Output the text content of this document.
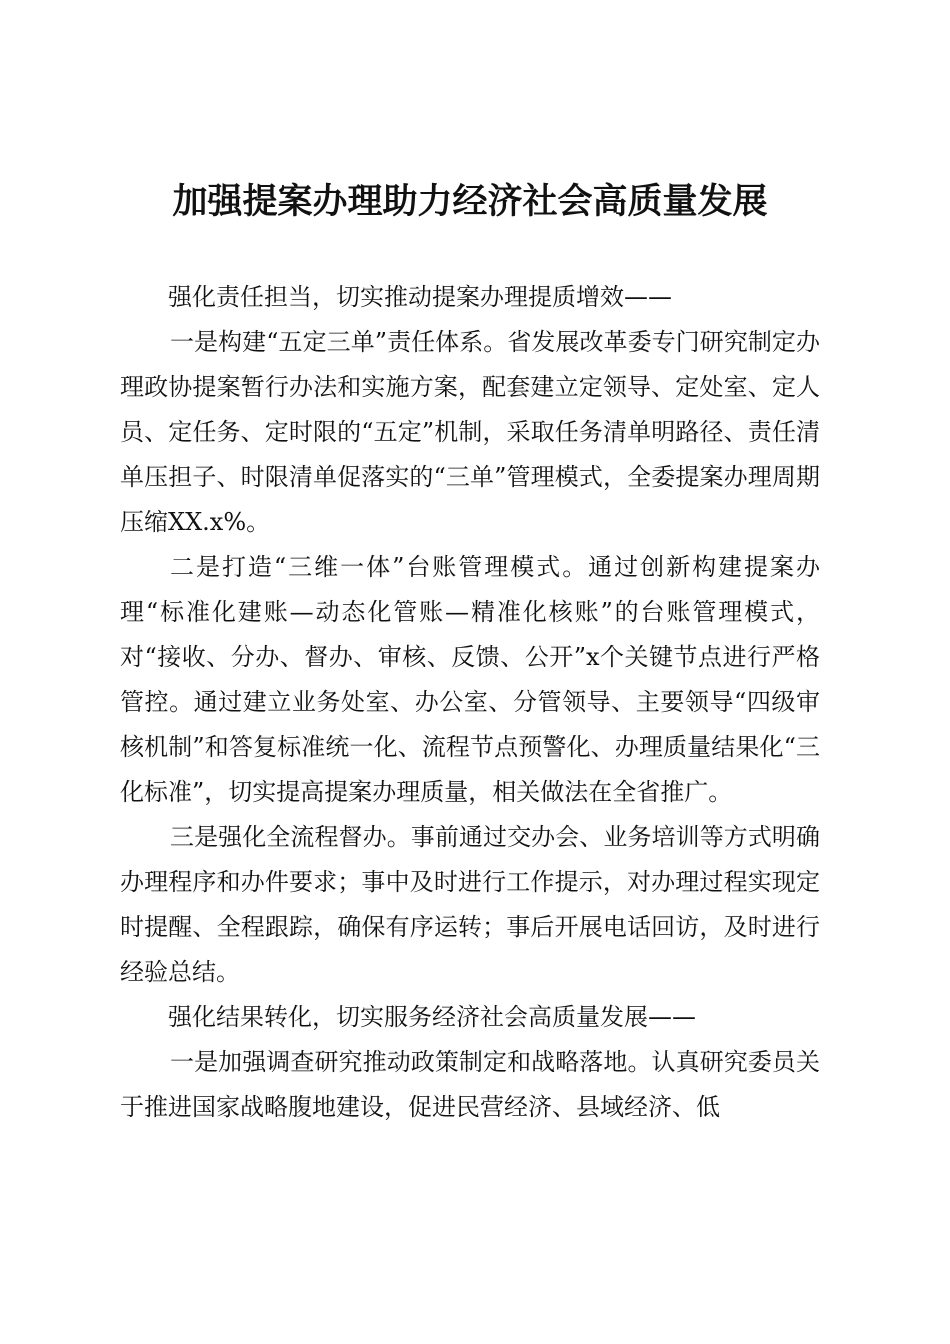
加强提案办理助力经济社会高质量发展

强化责任担当，切实推动提案办理提质增效——

一是构建“五定三单”责任体系。省发展改革委专门研究制定办理政协提案暂行办法和实施方案，配套建立定领导、定处室、定人员、定任务、定时限的“五定”机制，采取任务清单明路径、责任清单压担子、时限清单促落实的“三单”管理模式，全委提案办理周期压缩XX.x%。

二是打造“三维一体”台账管理模式。通过创新构建提案办理“标准化建账—动态化管账—精准化核账”的台账管理模式，对“接收、分办、督办、审核、反馈、公开”x个关键节点进行严格管控。通过建立业务处室、办公室、分管领导、主要领导“四级审核机制”和答复标准统一化、流程节点预警化、办理质量结果化“三化标准”，切实提高提案办理质量，相关做法在全省推广。

三是强化全流程督办。事前通过交办会、业务培训等方式明确办理程序和办件要求；事中及时进行工作提示，对办理过程实现定时提醒、全程跟踪，确保有序运转；事后开展电话回访，及时进行经验总结。

强化结果转化，切实服务经济社会高质量发展——

一是加强调查研究推动政策制定和战略落地。认真研究委员关于推进国家战略腹地建设，促进民营经济、县域经济、低
